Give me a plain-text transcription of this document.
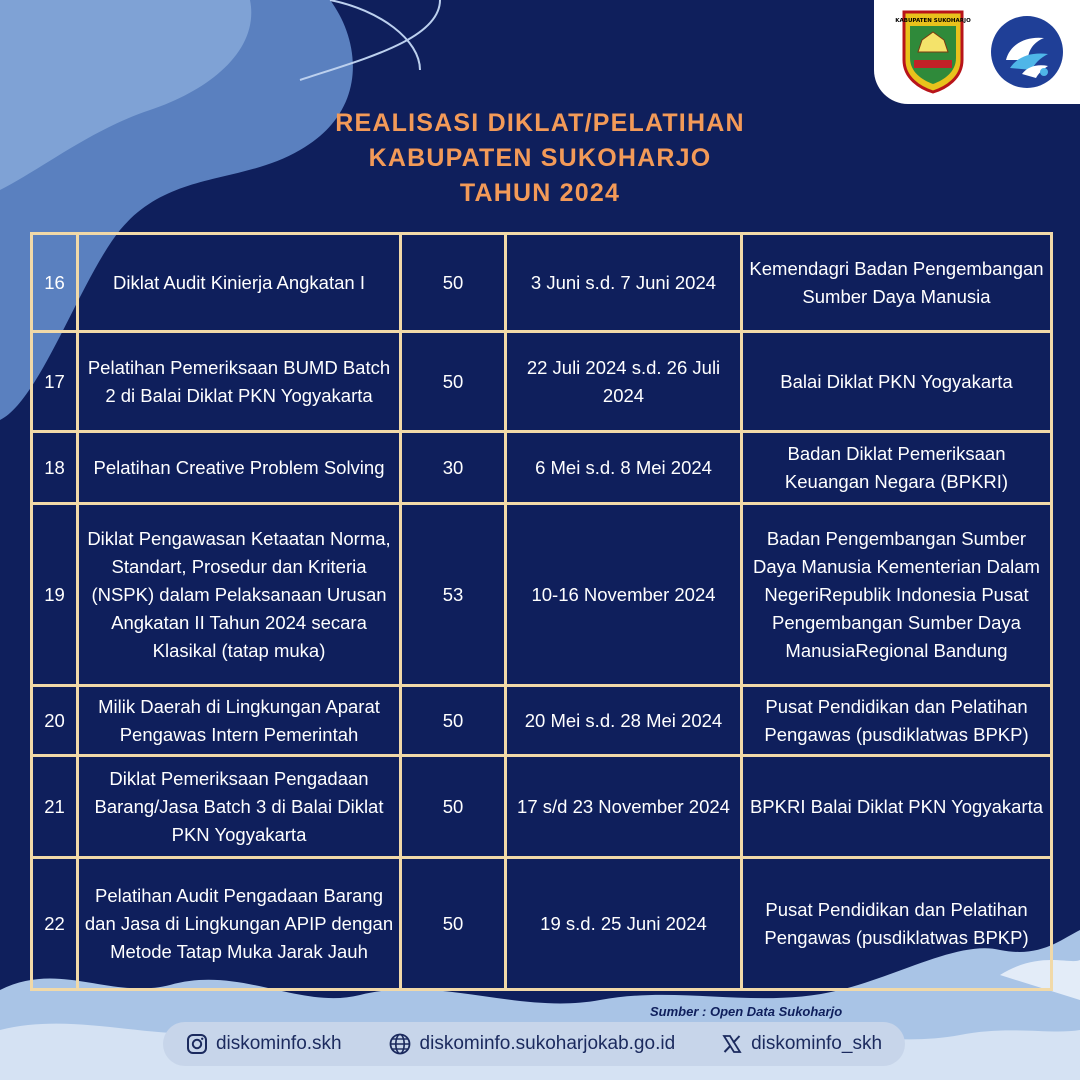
KABUPATEN SUKOHARJO
REALISASI DIKLAT/PELATIHAN
KABUPATEN SUKOHARJO
TAHUN 2024
16	Diklat Audit Kinierja Angkatan I	50	3 Juni s.d. 7 Juni 2024	Kemendagri Badan Pengembangan Sumber Daya Manusia
17	Pelatihan Pemeriksaan BUMD Batch 2 di Balai Diklat PKN Yogyakarta	50	22 Juli 2024 s.d. 26 Juli 2024	Balai Diklat PKN Yogyakarta
18	Pelatihan Creative Problem Solving	30	6 Mei s.d. 8 Mei 2024	Badan Diklat Pemeriksaan Keuangan Negara (BPKRI)
19	Diklat Pengawasan Ketaatan Norma, Standart, Prosedur dan Kriteria (NSPK) dalam Pelaksanaan Urusan Angkatan II Tahun 2024 secara Klasikal (tatap muka)	53	10-16 November 2024	Badan Pengembangan Sumber Daya Manusia Kementerian Dalam NegeriRepublik Indonesia Pusat Pengembangan Sumber Daya ManusiaRegional Bandung
20	Milik Daerah di Lingkungan Aparat Pengawas Intern Pemerintah	50	20 Mei s.d. 28 Mei 2024	Pusat Pendidikan dan Pelatihan Pengawas (pusdiklatwas BPKP)
21	Diklat Pemeriksaan Pengadaan Barang/Jasa Batch 3 di Balai Diklat PKN Yogyakarta	50	17 s/d 23 November 2024	BPKRI Balai Diklat PKN Yogyakarta
22	Pelatihan Audit Pengadaan Barang dan Jasa di Lingkungan APIP dengan Metode Tatap Muka Jarak Jauh	50	19 s.d. 25 Juni 2024	Pusat Pendidikan dan Pelatihan Pengawas (pusdiklatwas BPKP)
Sumber : Open Data Sukoharjo
diskominfo.skh	diskominfo.sukoharjokab.go.id	diskominfo_skh
